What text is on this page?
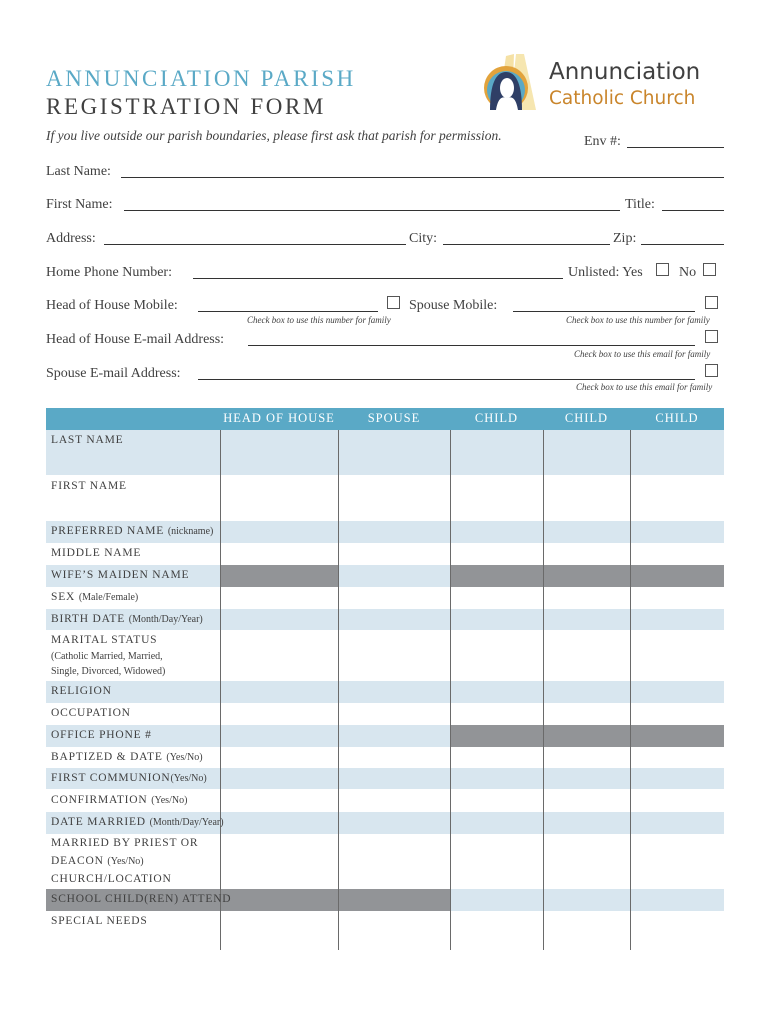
ANNUNCIATION PARISH
REGISTRATION FORM
If you live outside our parish boundaries, please first ask that parish for permission.
Annunciation
Catholic Church
Env #:
Last Name:
First Name:	Title:
Address:	City:	Zip:
Home Phone Number:	Unlisted: Yes	No
Head of House Mobile:
Check box to use this number for family
Spouse Mobile:
Check box to use this number for family
Head of House E-mail Address:
Check box to use this email for family
Spouse E-mail Address:
Check box to use this email for family
HEAD OF HOUSE	SPOUSE	CHILD	CHILD	CHILD
LAST NAME
FIRST NAME
PREFERRED NAME (nickname)
MIDDLE NAME
WIFE’S MAIDEN NAME
SEX (Male/Female)
BIRTH DATE (Month/Day/Year)
MARITAL STATUS
(Catholic Married, Married,
Single, Divorced, Widowed)
RELIGION
OCCUPATION
OFFICE PHONE #
BAPTIZED & DATE (Yes/No)
FIRST COMMUNION(Yes/No)
CONFIRMATION (Yes/No)
DATE MARRIED (Month/Day/Year)
MARRIED BY PRIEST OR
DEACON (Yes/No)
CHURCH/LOCATION
SCHOOL CHILD(REN) ATTEND
SPECIAL NEEDS
